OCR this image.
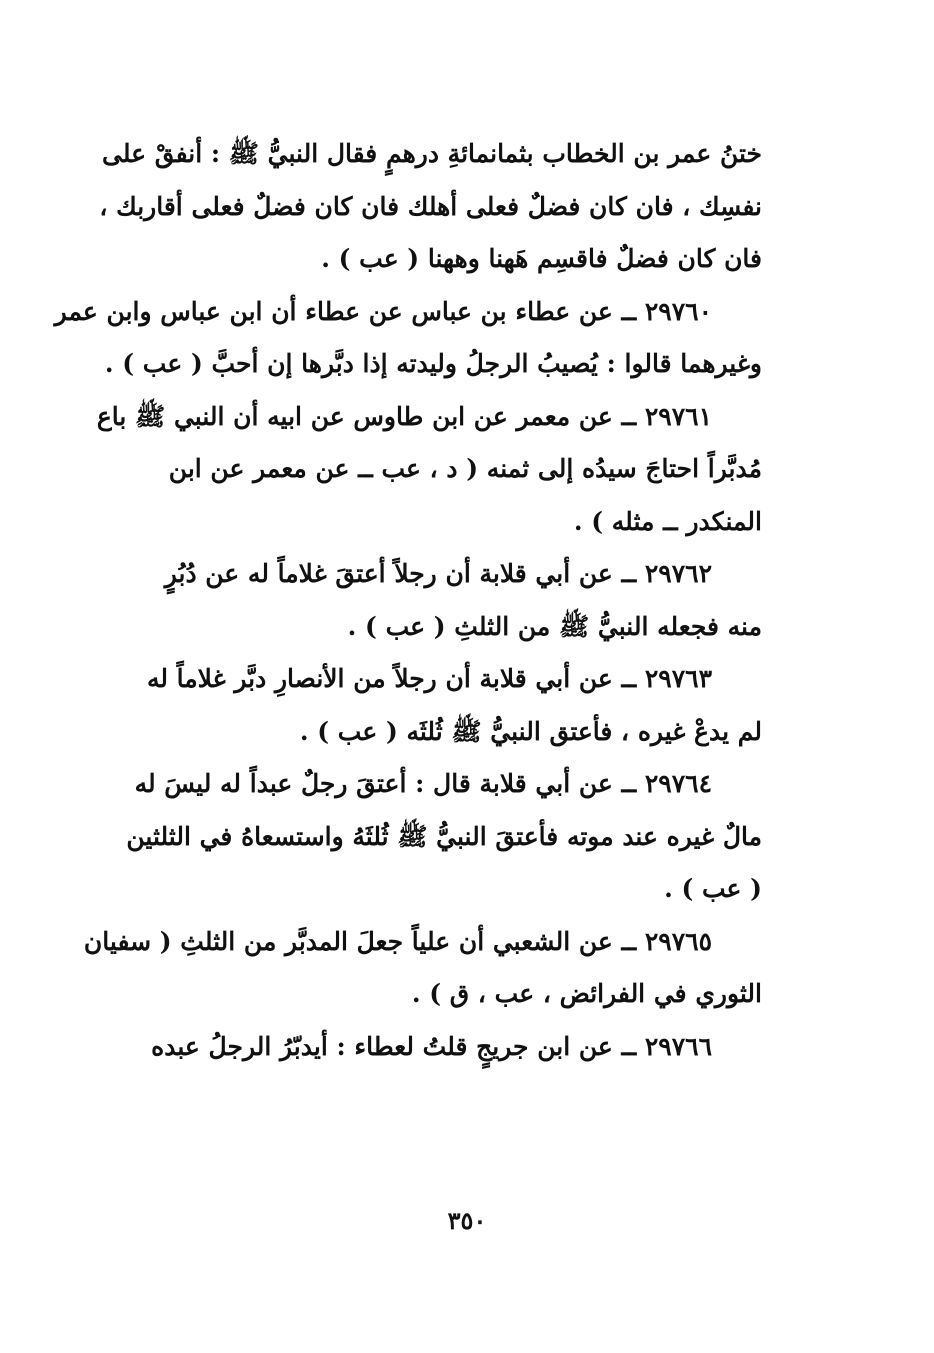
ختنُ عمر بن الخطاب بثمانمائةِ درهمٍ فقال النبيُّ ﷺ : أنفقْ على
نفسِك ، فان كان فضلٌ فعلى أهلك فان كان فضلٌ فعلى أقاربك ،
فان كان فضلٌ فاقسِم هَهنا وههنا ( عب ) .
٢٩٧٦٠ ــ عن عطاء بن عباس عن عطاء أن ابن عباس وابن عمر
وغيرهما قالوا : يُصيبُ الرجلُ وليدته إذا دبَّرها إن أحبَّ ( عب ) .
٢٩٧٦١ ــ عن معمر عن ابن طاوس عن ابيه أن النبي ﷺ باع
مُدبَّراً احتاجَ سيدُه إلى ثمنه ( د ، عب ــ عن معمر عن ابن
المنكدر ــ مثله ) .
٢٩٧٦٢ ــ عن أبي قلابة أن رجلاً أعتقَ غلاماً له عن دُبُرٍ
منه فجعله النبيُّ ﷺ من الثلثِ ( عب ) .
٢٩٧٦٣ ــ عن أبي قلابة أن رجلاً من الأنصارِ دبَّر غلاماً له
لم يدعْ غيره ، فأعتق النبيُّ ﷺ ثُلثَه ( عب ) .
٢٩٧٦٤ ــ عن أبي قلابة قال : أعتقَ رجلٌ عبداً له ليسَ له
مالٌ غيره عند موته فأعتقَ النبيُّ ﷺ ثُلثَهُ واستسعاهُ في الثلثين
( عب ) .
٢٩٧٦٥ ــ عن الشعبي أن علياً جعلَ المدبَّر من الثلثِ ( سفيان
الثوري في الفرائض ، عب ، ق ) .
٢٩٧٦٦ ــ عن ابن جريجٍ قلتُ لعطاء : أيدبّرُ الرجلُ عبده
٣٥٠
